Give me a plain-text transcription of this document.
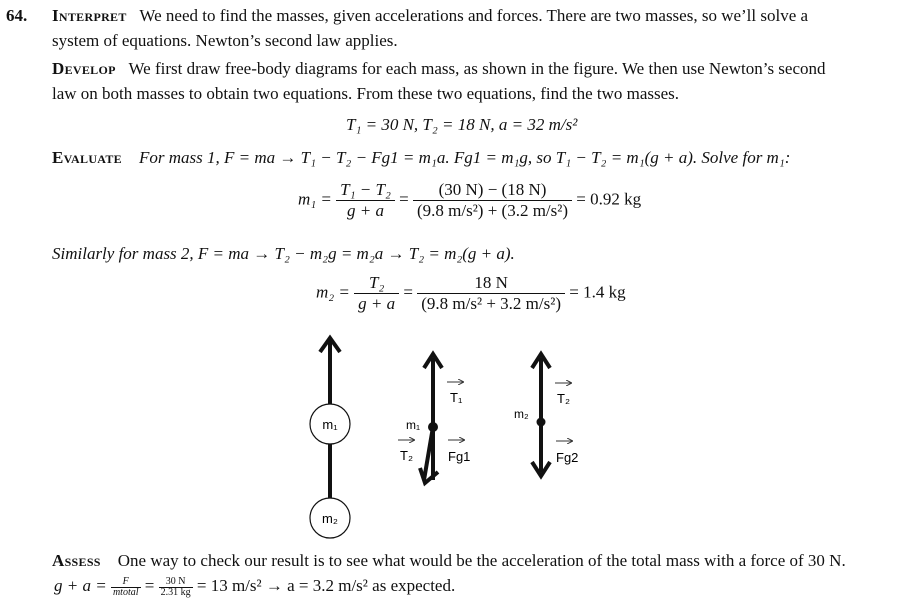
64. Interpret We need to find the masses, given accelerations and forces. There are two masses, so we’ll solve a
system of equations. Newton’s second law applies.
Develop We first draw free-body diagrams for each mass, as shown in the figure. We then use Newton’s second
law on both masses to obtain two equations. From these two equations, find the two masses.
T₁ = 30 N, T₂ = 18 N, a = 32 m/s²
Evaluate For mass 1, F = ma → T₁ − T₂ − Fg1 = m₁a. Fg1 = m₁g, so T₁ − T₂ = m₁(g + a). Solve for m₁:
$m_1 = \frac{\text{T₁ − T₂}}{g + a} = \frac{(30 N) - (18 N)}{\text{(9.8 m/s²) + (3.2 m/s²)}} = 0.92$ kg
Similarly for mass 2, F = ma → T₂ − m₂g = m₂a → T₂ = m₂(g + a).
$m_2 = \frac{\text{T₂}}{g + a} = \frac{18 N}{\text{(9.8 m/s² + 3.2 m/s²)}} = 1.4$ kg
m₁
m₂
m₁
T₁
T₂	Fg1
m₂
T₂
Fg2
Assess One way to check our result is to see what would be the acceleration of the total mass with a force of 30 N.
$g + a = \frac{F}{\text{mtotal}} = \frac{30 N}{2.31 kg} = 13$ m/s² → a = 3.2 m/s² as expected.
